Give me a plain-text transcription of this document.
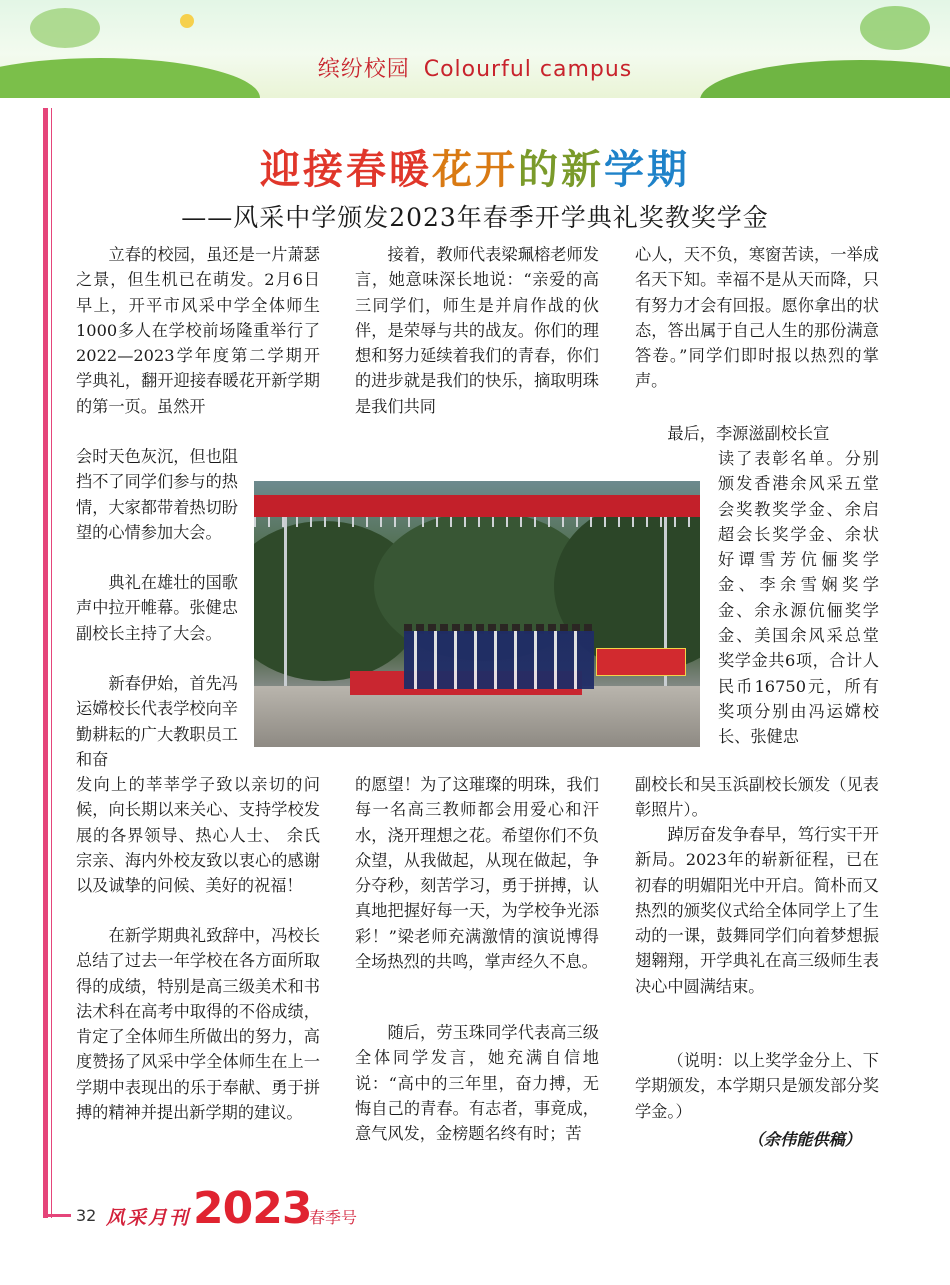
缤纷校园 Colourful campus
迎接春暖花开的新学期
——风采中学颁发2023年春季开学典礼奖教奖学金

立春的校园，虽还是一片萧瑟之景，但生机已在萌发。2月6日早上，开平市风采中学全体师生1000多人在学校前场隆重举行了2022—2023学年度第二学期开学典礼，翻开迎接春暖花开新学期的第一页。虽然开

会时天色灰沉，但也阻挡不了同学们参与的热情，大家都带着热切盼望的心情参加大会。

典礼在雄壮的国歌声中拉开帷幕。张健忠副校长主持了大会。

新春伊始，首先冯运嫦校长代表学校向辛勤耕耘的广大教职员工和奋

发向上的莘莘学子致以亲切的问候，向长期以来关心、支持学校发展的各界领导、热心人士、 余氏宗亲、海内外校友致以衷心的感谢以及诚挚的问候、美好的祝福！

在新学期典礼致辞中，冯校长总结了过去一年学校在各方面所取得的成绩，特别是高三级美术和书法术科在高考中取得的不俗成绩，肯定了全体师生所做出的努力，高度赞扬了风采中学全体师生在上一学期中表现出的乐于奉献、勇于拼搏的精神并提出新学期的建议。

接着，教师代表梁珮榕老师发言，她意味深长地说：“亲爱的高三同学们，师生是并肩作战的伙伴，是荣辱与共的战友。你们的理想和努力延续着我们的青春，你们的进步就是我们的快乐，摘取明珠是我们共同

的愿望！为了这璀璨的明珠，我们每一名高三教师都会用爱心和汗水，浇开理想之花。希望你们不负众望，从我做起，从现在做起，争分夺秒，刻苦学习，勇于拼搏，认真地把握好每一天，为学校争光添彩！”梁老师充满激情的演说博得全场热烈的共鸣，掌声经久不息。

随后，劳玉珠同学代表高三级全体同学发言，她充满自信地说：“高中的三年里，奋力搏，无悔自己的青春。有志者，事竟成，意气风发，金榜题名终有时；苦

心人，天不负，寒窗苦读，一举成名天下知。幸福不是从天而降，只有努力才会有回报。愿你拿出的状态，答出属于自己人生的那份满意答卷。”同学们即时报以热烈的掌声。

最后，李源滋副校长宣

读了表彰名单。分别颁发香港余风采五堂会奖教奖学金、余启超会长奖学金、余状好谭雪芳伉俪奖学金、李余雪娴奖学金、余永源伉俪奖学金、美国余风采总堂奖学金共6项，合计人民币16750元，所有奖项分别由冯运嫦校长、张健忠

副校长和吴玉浜副校长颁发（见表彰照片）。

踔厉奋发争春早，笃行实干开新局。2023年的崭新征程，已在初春的明媚阳光中开启。简朴而又热烈的颁奖仪式给全体同学上了生动的一课，鼓舞同学们向着梦想振翅翱翔，开学典礼在高三级师生表决心中圆满结束。

（说明：以上奖学金分上、下学期颁发，本学期只是颁发部分奖学金。）

（余伟能供稿）

32 风采月刊 2023
春季号
